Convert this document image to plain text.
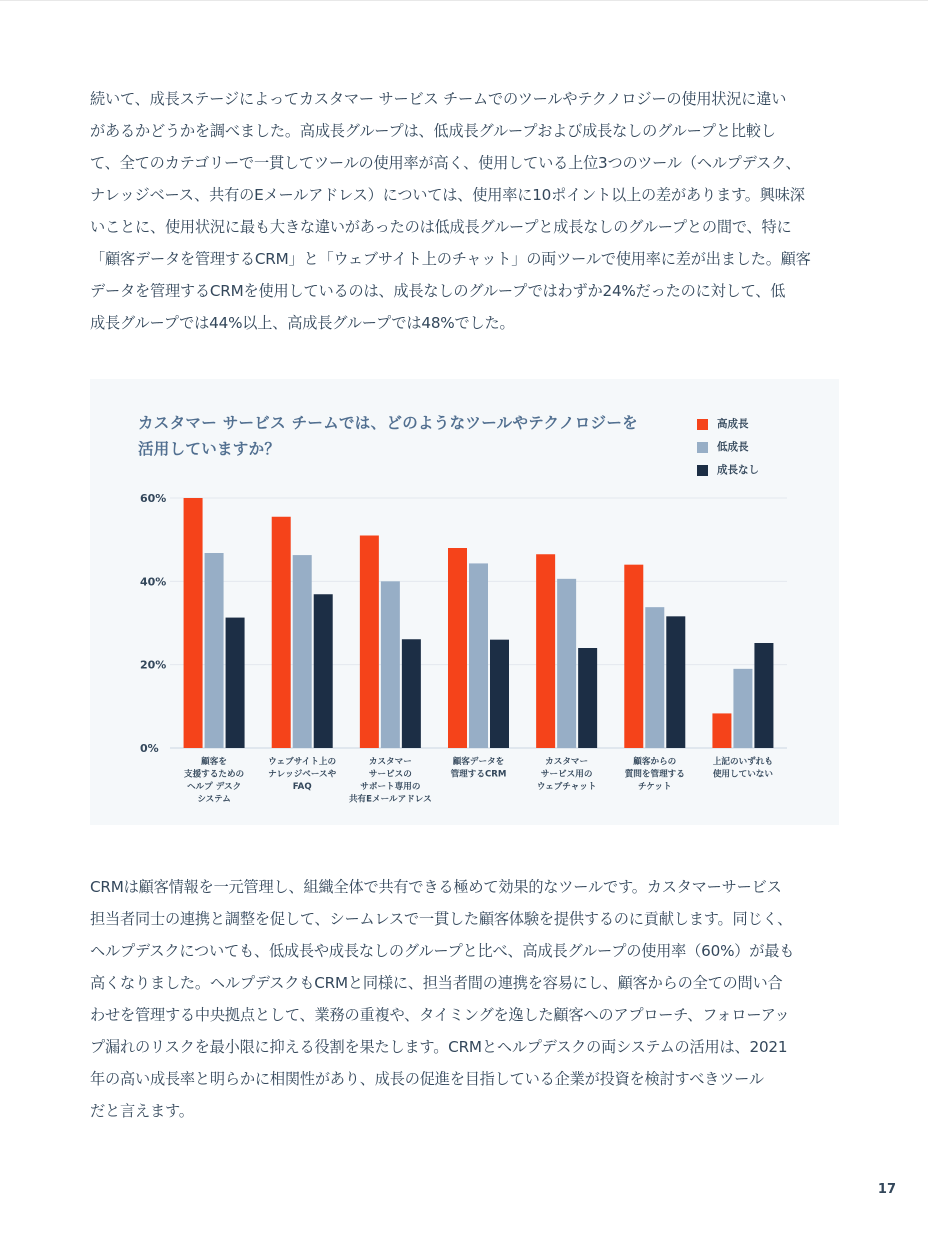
続いて、成長ステージによってカスタマー サービス チームでのツールやテクノロジーの使用状況に違い
があるかどうかを調べました。高成長グループは、低成長グループおよび成長なしのグループと比較し
て、全てのカテゴリーで一貫してツールの使用率が高く、使用している上位3つのツール（ヘルプデスク、
ナレッジベース、共有のEメールアドレス）については、使用率に10ポイント以上の差があります。興味深
いことに、使用状況に最も大きな違いがあったのは低成長グループと成長なしのグループとの間で、特に
「顧客データを管理するCRM」と「ウェブサイト上のチャット」の両ツールで使用率に差が出ました。顧客
データを管理するCRMを使用しているのは、成長なしのグループではわずか24%だったのに対して、低
成長グループでは44%以上、高成長グループでは48%でした。
カスタマー サービス チームでは、どのようなツールやテクノロジーを
活用していますか？
高成長
低成長
成長なし
0%
20%
40%
60%
顧客を
支援するための
ヘルプ デスク
システム
ウェブサイト上の
ナレッジベースや
FAQ
カスタマー
サービスの
サポート専用の
共有Eメールアドレス
顧客データを
管理するCRM
カスタマー
サービス用の
ウェブチャット
顧客からの
質問を管理する
チケット
上記のいずれも
使用していない
CRMは顧客情報を一元管理し、組織全体で共有できる極めて効果的なツールです。カスタマーサービス
担当者同士の連携と調整を促して、シームレスで一貫した顧客体験を提供するのに貢献します。同じく、
ヘルプデスクについても、低成長や成長なしのグループと比べ、高成長グループの使用率（60%）が最も
高くなりました。ヘルプデスクもCRMと同様に、担当者間の連携を容易にし、顧客からの全ての問い合
わせを管理する中央拠点として、業務の重複や、タイミングを逸した顧客へのアプローチ、フォローアッ
プ漏れのリスクを最小限に抑える役割を果たします。CRMとヘルプデスクの両システムの活用は、2021
年の高い成長率と明らかに相関性があり、成長の促進を目指している企業が投資を検討すべきツール
だと言えます。
17
